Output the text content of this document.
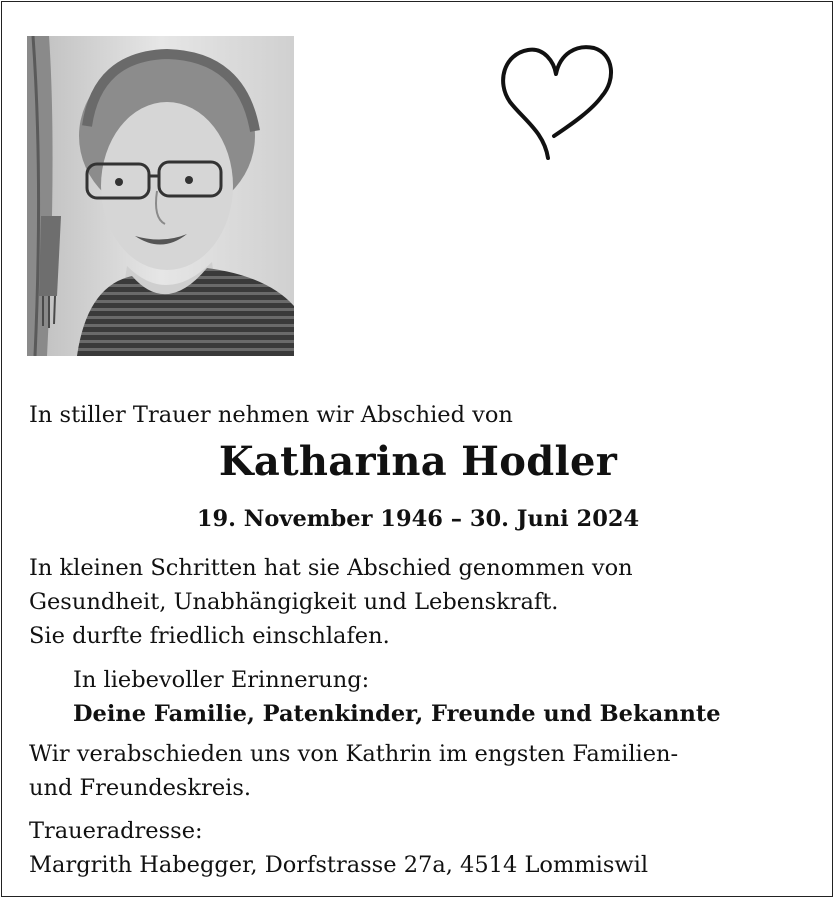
In stiller Trauer nehmen wir Abschied von
Katharina Hodler
19. November 1946 – 30. Juni 2024
In kleinen Schritten hat sie Abschied genommen von
Gesundheit, Unabhängigkeit und Lebenskraft.
Sie durfte friedlich einschlafen.
In liebevoller Erinnerung:
Deine Familie, Patenkinder, Freunde und Bekannte
Wir verabschieden uns von Kathrin im engsten Familien-
und Freundeskreis.
Traueradresse:
Margrith Habegger, Dorfstrasse 27a, 4514 Lommiswil
